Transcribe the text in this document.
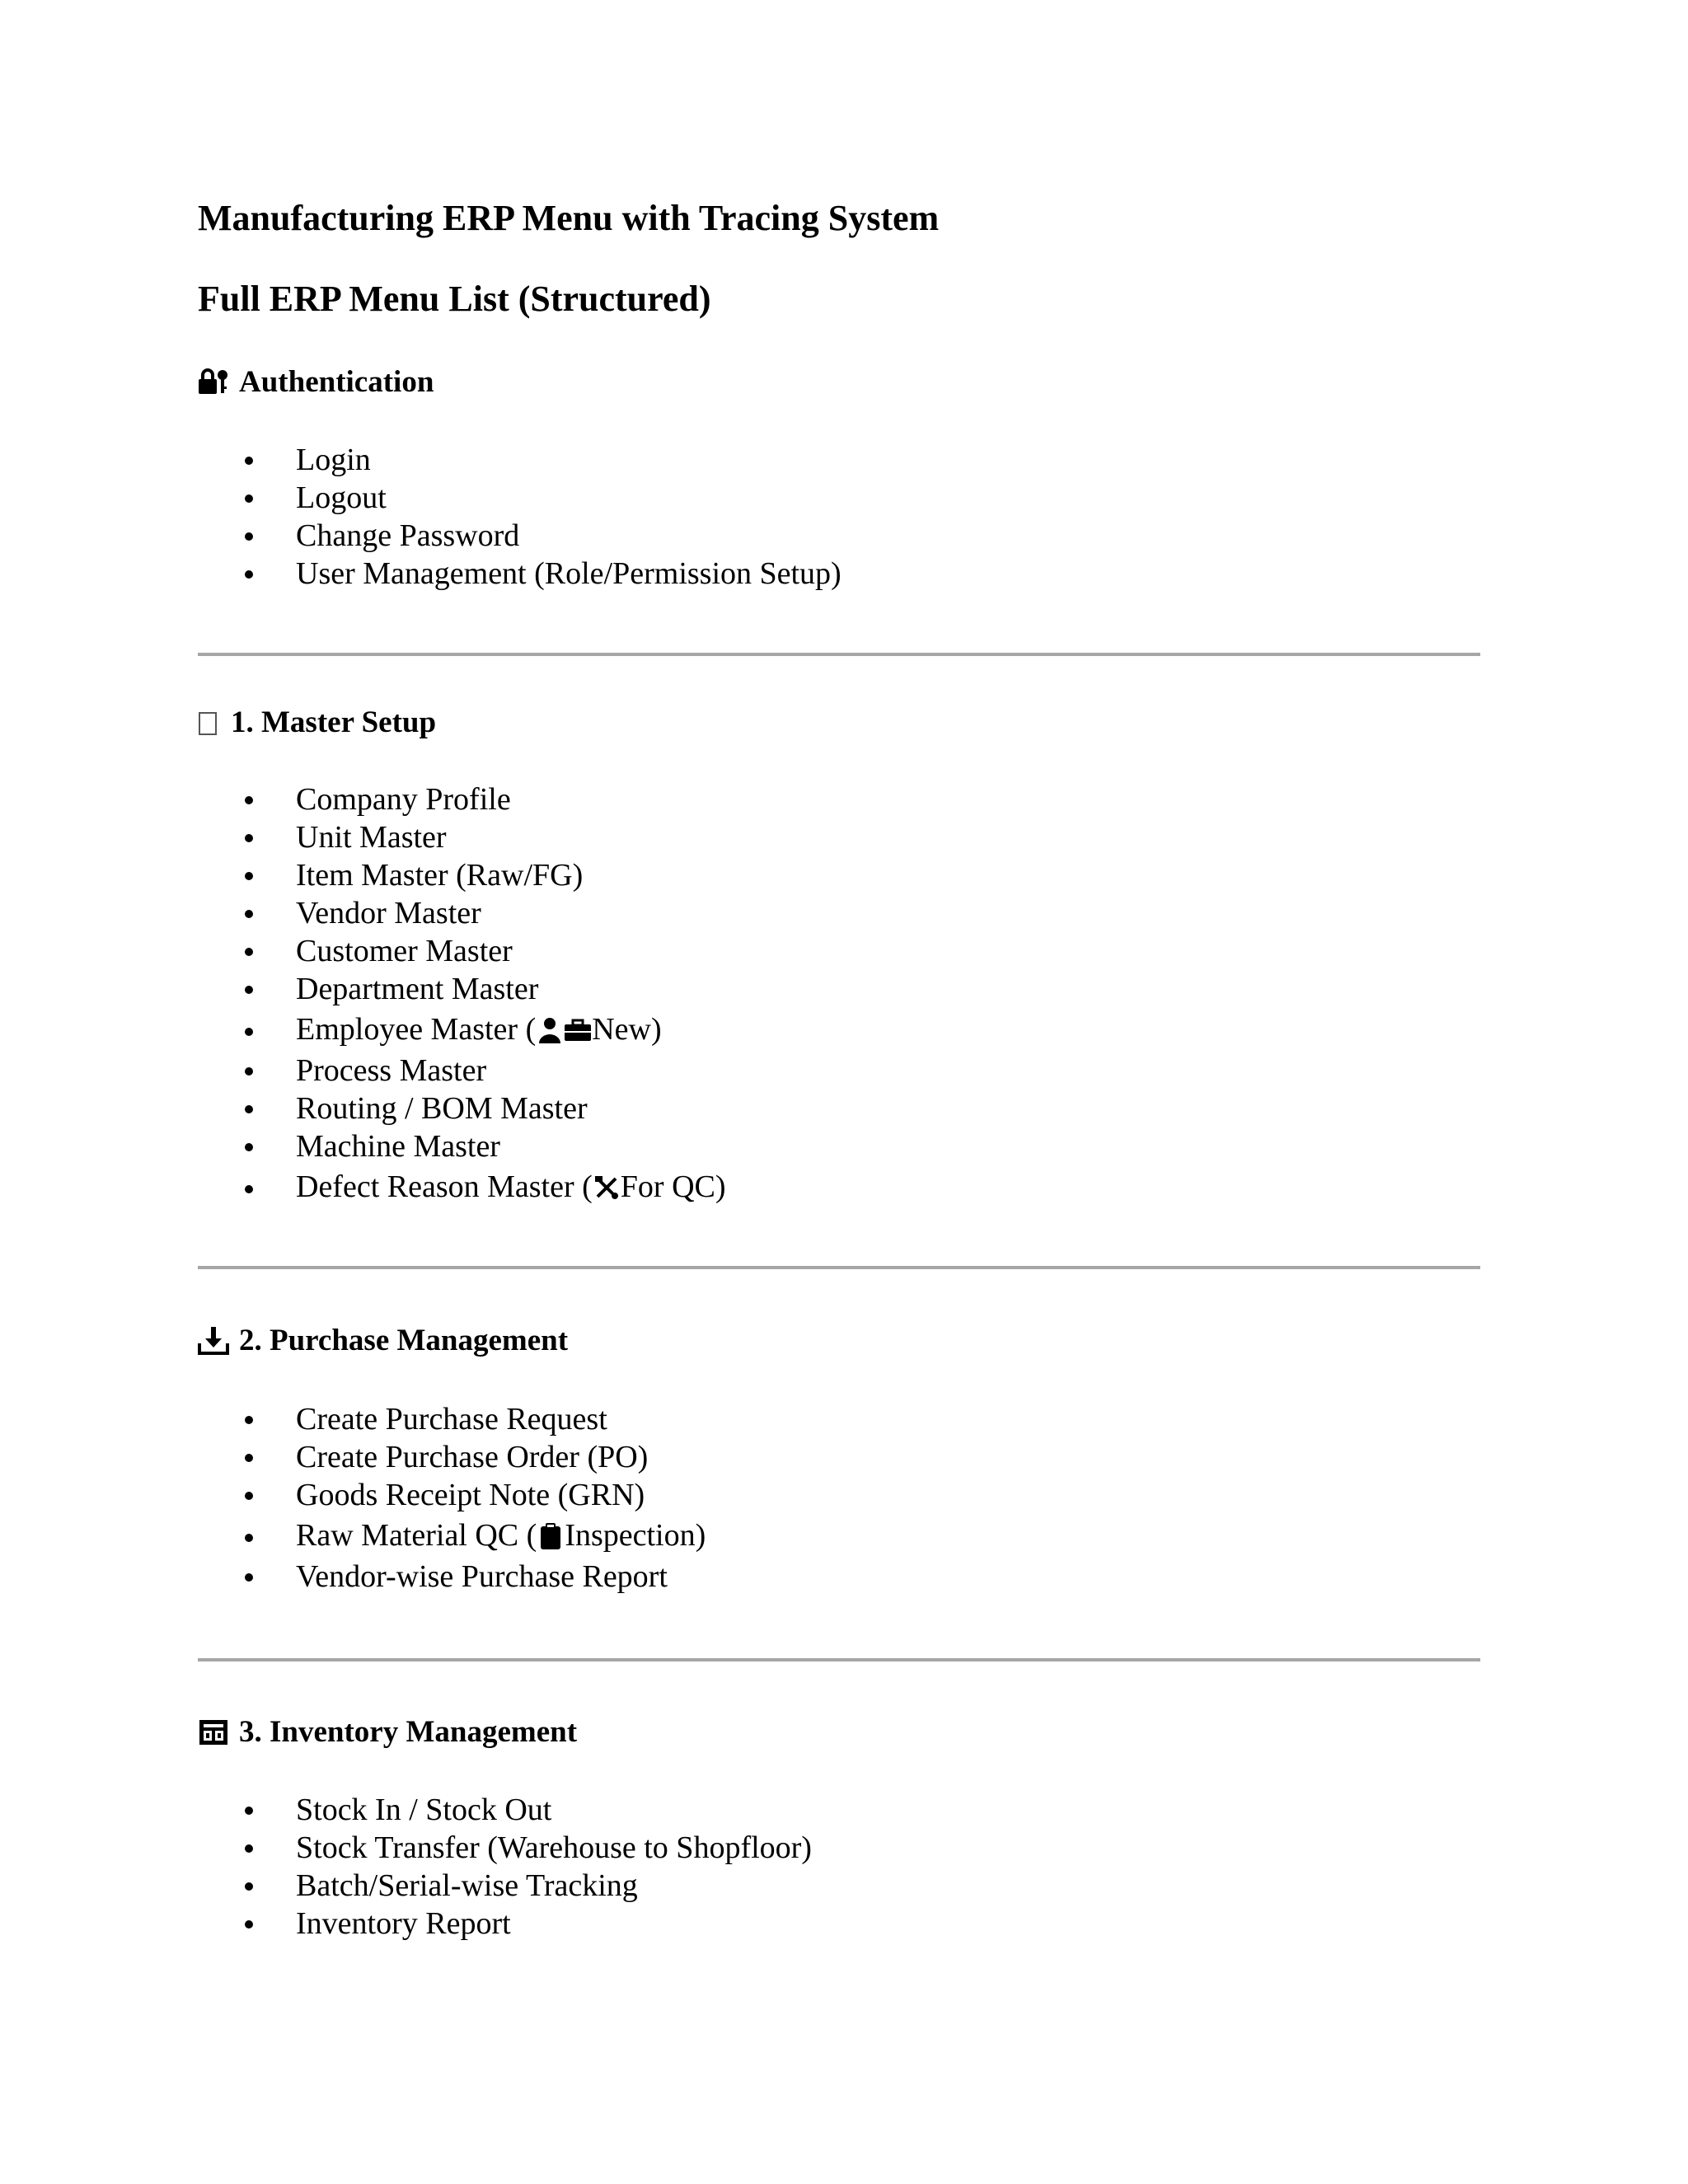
Manufacturing ERP Menu with Tracing System
Full ERP Menu List (Structured)
Authentication
Login
Logout
Change Password
User Management (Role/Permission Setup)
1. Master Setup
Company Profile
Unit Master
Item Master (Raw/FG)
Vendor Master
Customer Master
Department Master
Employee Master ( New)
Process Master
Routing / BOM Master
Machine Master
Defect Reason Master ( For QC)
2. Purchase Management
Create Purchase Request
Create Purchase Order (PO)
Goods Receipt Note (GRN)
Raw Material QC ( Inspection)
Vendor-wise Purchase Report
3. Inventory Management
Stock In / Stock Out
Stock Transfer (Warehouse to Shopfloor)
Batch/Serial-wise Tracking
Inventory Report
